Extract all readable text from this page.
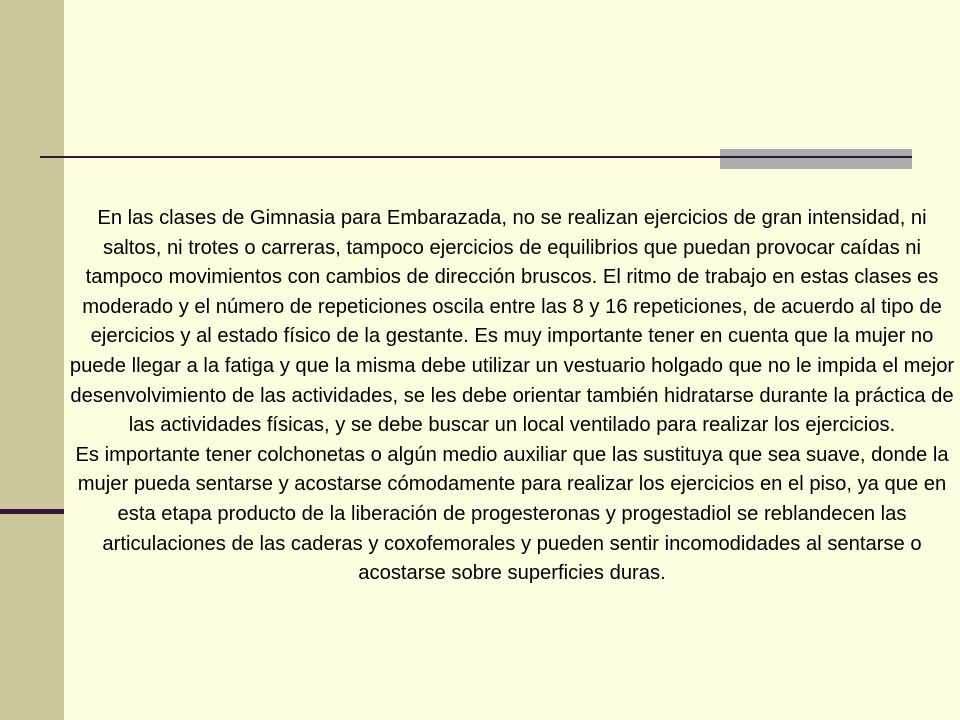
En las clases de Gimnasia para Embarazada, no se realizan ejercicios de gran intensidad, ni saltos, ni trotes o carreras, tampoco ejercicios de equilibrios que puedan provocar caídas ni tampoco movimientos con cambios de dirección bruscos. El ritmo de trabajo en estas clases es moderado y el número de repeticiones oscila entre las 8 y 16 repeticiones, de acuerdo al tipo de ejercicios y al estado físico de la gestante. Es muy importante tener en cuenta que la mujer no puede llegar a la fatiga y que la misma debe utilizar un vestuario holgado que no le impida el mejor desenvolvimiento de las actividades, se les debe orientar también hidratarse durante la práctica de las actividades físicas, y se debe buscar un local ventilado para realizar los ejercicios.

Es importante tener colchonetas o algún medio auxiliar que las sustituya que sea suave, donde la mujer pueda sentarse y acostarse cómodamente para realizar los ejercicios en el piso, ya que en esta etapa producto de la liberación de progesteronas y progestadiol se reblandecen las articulaciones de las caderas y coxofemorales y pueden sentir incomodidades al sentarse o acostarse sobre superficies duras.
